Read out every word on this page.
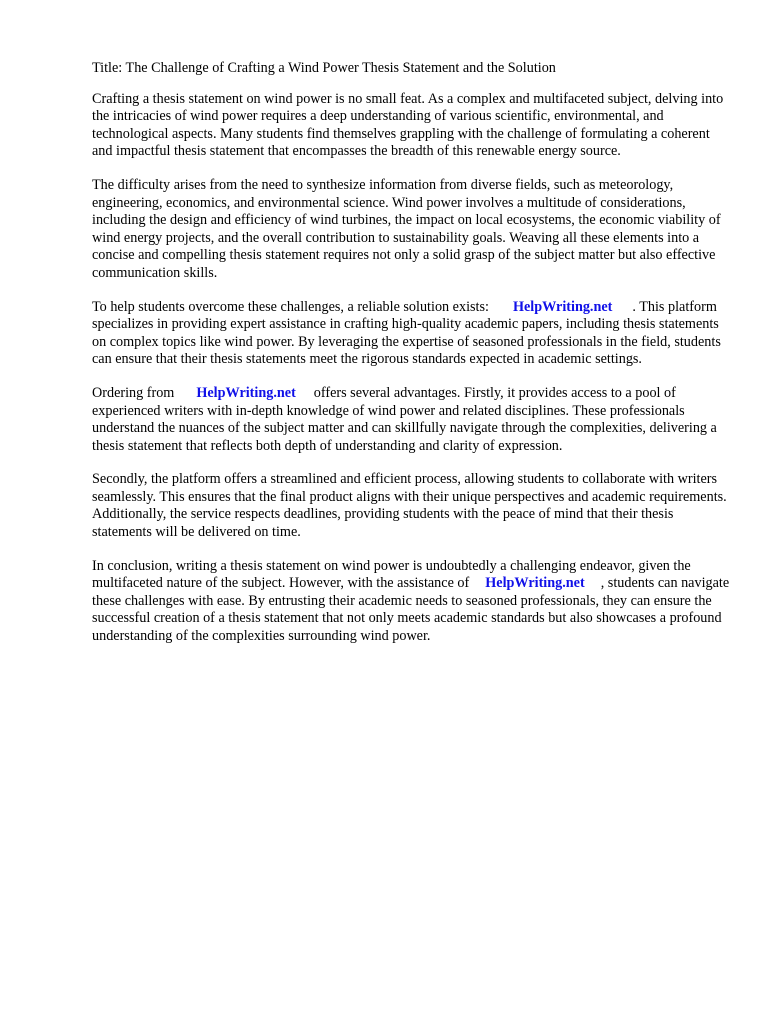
Title: The Challenge of Crafting a Wind Power Thesis Statement and the Solution

Crafting a thesis statement on wind power is no small feat. As a complex and multifaceted subject, delving into the intricacies of wind power requires a deep understanding of various scientific, environmental, and technological aspects. Many students find themselves grappling with the challenge of formulating a coherent and impactful thesis statement that encompasses the breadth of this renewable energy source.

The difficulty arises from the need to synthesize information from diverse fields, such as meteorology, engineering, economics, and environmental science. Wind power involves a multitude of considerations, including the design and efficiency of wind turbines, the impact on local ecosystems, the economic viability of wind energy projects, and the overall contribution to sustainability goals. Weaving all these elements into a concise and compelling thesis statement requires not only a solid grasp of the subject matter but also effective communication skills.

To help students overcome these challenges, a reliable solution exists: HelpWriting.net . This platform specializes in providing expert assistance in crafting high-quality academic papers, including thesis statements on complex topics like wind power. By leveraging the expertise of seasoned professionals in the field, students can ensure that their thesis statements meet the rigorous standards expected in academic settings.

Ordering from HelpWriting.net offers several advantages. Firstly, it provides access to a pool of experienced writers with in-depth knowledge of wind power and related disciplines. These professionals understand the nuances of the subject matter and can skillfully navigate through the complexities, delivering a thesis statement that reflects both depth of understanding and clarity of expression.

Secondly, the platform offers a streamlined and efficient process, allowing students to collaborate with writers seamlessly. This ensures that the final product aligns with their unique perspectives and academic requirements. Additionally, the service respects deadlines, providing students with the peace of mind that their thesis statements will be delivered on time.

In conclusion, writing a thesis statement on wind power is undoubtedly a challenging endeavor, given the multifaceted nature of the subject. However, with the assistance of HelpWriting.net , students can navigate these challenges with ease. By entrusting their academic needs to seasoned professionals, they can ensure the successful creation of a thesis statement that not only meets academic standards but also showcases a profound understanding of the complexities surrounding wind power.
